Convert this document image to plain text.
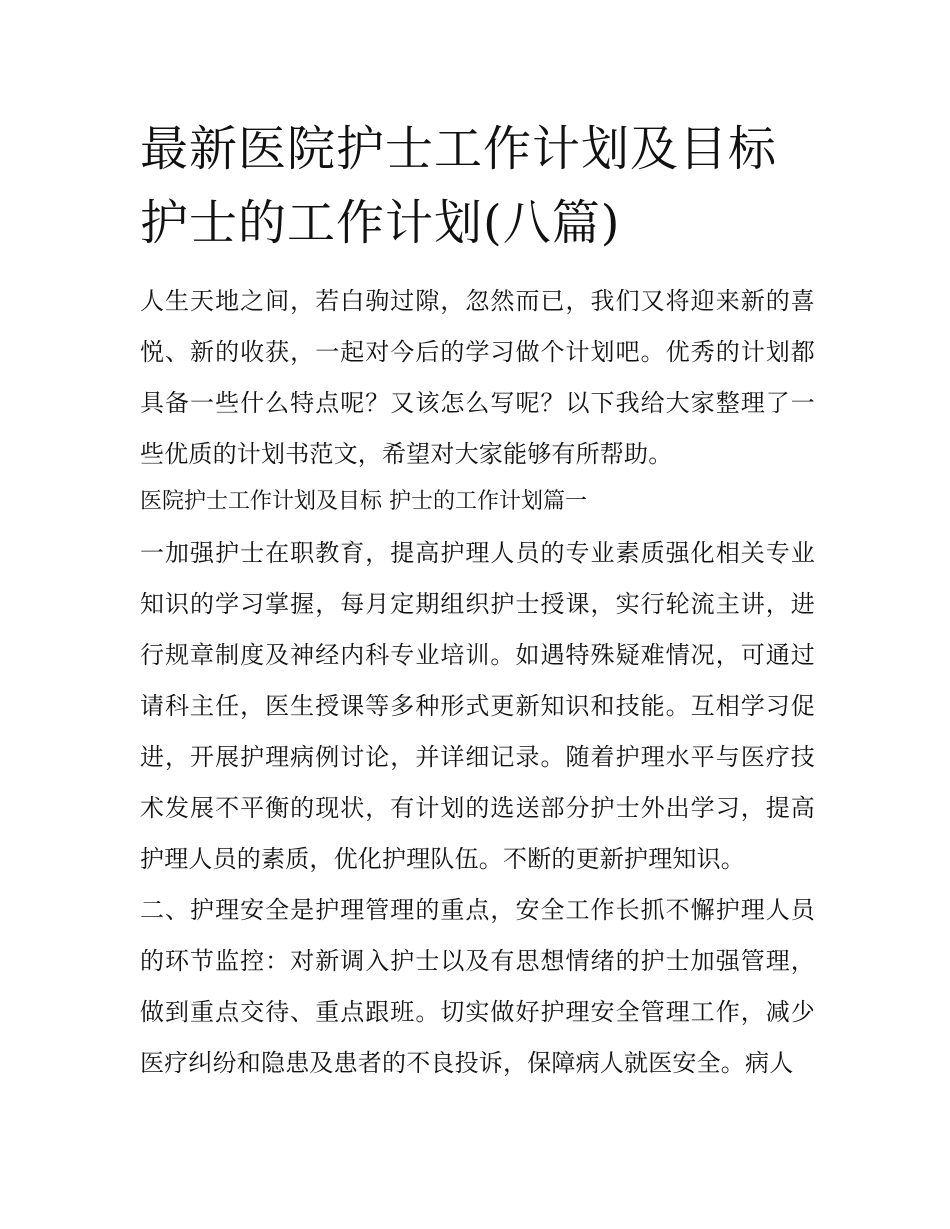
最新医院护士工作计划及目标 护士的工作计划(八篇)

人生天地之间，若白驹过隙，忽然而已，我们又将迎来新的喜悦、新的收获，一起对今后的学习做个计划吧。优秀的计划都具备一些什么特点呢？又该怎么写呢？以下我给大家整理了一些优质的计划书范文，希望对大家能够有所帮助。

医院护士工作计划及目标 护士的工作计划篇一

一加强护士在职教育，提高护理人员的专业素质强化相关专业知识的学习掌握，每月定期组织护士授课，实行轮流主讲，进行规章制度及神经内科专业培训。如遇特殊疑难情况，可通过请科主任，医生授课等多种形式更新知识和技能。互相学习促进，开展护理病例讨论，并详细记录。随着护理水平与医疗技术发展不平衡的现状，有计划的选送部分护士外出学习，提高护理人员的素质，优化护理队伍。不断的更新护理知识。

二、护理安全是护理管理的重点，安全工作长抓不懈护理人员的环节监控：对新调入护士以及有思想情绪的护士加强管理，做到重点交待、重点跟班。切实做好护理安全管理工作，减少医疗纠纷和隐患及患者的不良投诉，保障病人就医安全。病人
